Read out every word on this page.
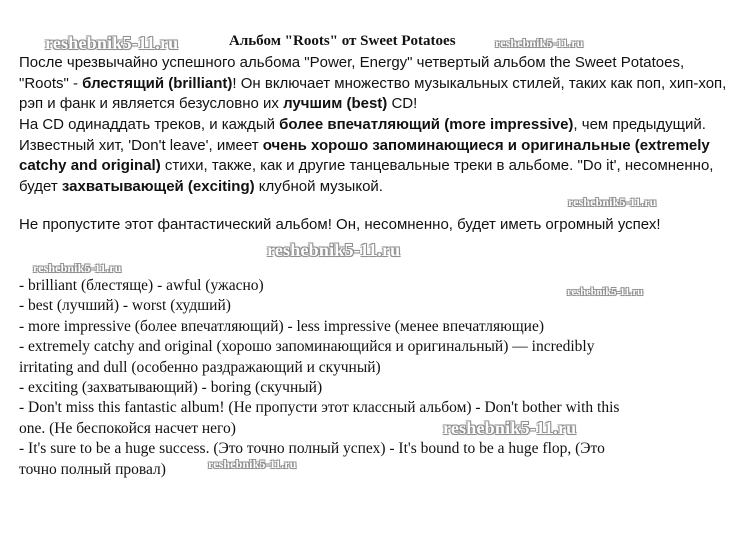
Альбом "Roots" от Sweet Potatoes

После чрезвычайно успешного альбома "Power, Energy" четвертый альбом the Sweet Potatoes, "Roots" - блестящий (brilliant)! Он включает множество музыкальных стилей, таких как поп, хип-хоп, рэп и фанк и является безусловно их лучшим (best) CD!

На CD одинаддать треков, и каждый более впечатляющий (more impressive), чем предыдущий. Известный хит, 'Don't leave', имеет очень хорошо запоминающиеся и оригинальные (extremely catchy and original) стихи, также, как и другие танцевальные треки в альбоме. "Do it', несомненно, будет захватывающей (exciting) клубной музыкой.

Не пропустите этот фантастический альбом! Он, несомненно, будет иметь огромный успех!

- brilliant (блестяще) - awful (ужасно)
- best (лучший) - worst (худший)
- more impressive (более впечатляющий) - less impressive (менее впечатляющие)
- extremely catchy and original (хорошо запоминающийся и оригинальный) — incredibly
irritating and dull (особенно раздражающий и скучный)
- exciting (захватывающий) - boring (скучный)
- Don't miss this fantastic album! (Не пропусти этот классный альбом) - Don't bother with this
one. (Не беспокойся насчет него)
- It's sure to be a huge success. (Это точно полный успех) - It's bound to be a huge flop, (Это
точно полный провал)
reshebnik5-11.ru	reshebnik5-11.ru
reshebnik5-11.ru
reshebnik5-11.ru
reshebnik5-11.ru
reshebnik5-11.ru
reshebnik5-11.ru
reshebnik5-11.ru
